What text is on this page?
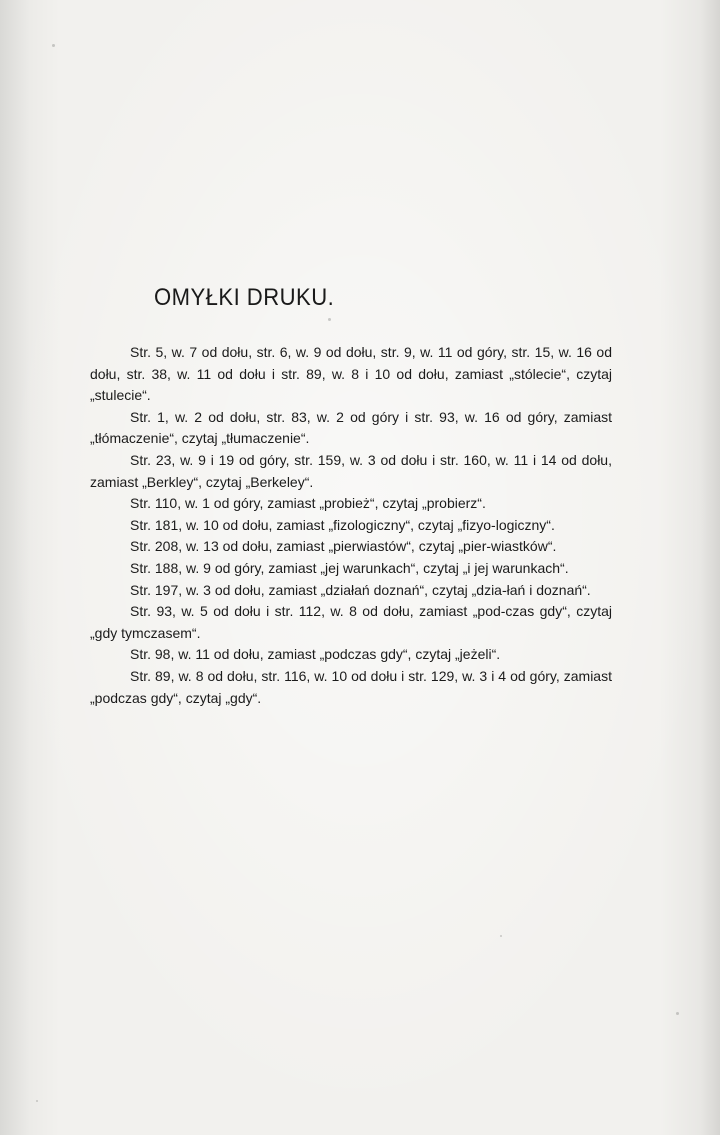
OMYŁKI DRUKU.

Str. 5, w. 7 od dołu, str. 6, w. 9 od dołu, str. 9, w. 11 od góry, str. 15, w. 16 od dołu, str. 38, w. 11 od dołu i str. 89, w. 8 i 10 od dołu, zamiast „stólecie“, czytaj „stulecie“.

Str. 1, w. 2 od dołu, str. 83, w. 2 od góry i str. 93, w. 16 od góry, zamiast „tłómaczenie“, czytaj „tłumaczenie“.

Str. 23, w. 9 i 19 od góry, str. 159, w. 3 od dołu i str. 160, w. 11 i 14 od dołu, zamiast „Berkley“, czytaj „Berkeley“.

Str. 110, w. 1 od góry, zamiast „probież“, czytaj „probierz“.

Str. 181, w. 10 od dołu, zamiast „fizologiczny“, czytaj „fizyo-logiczny“.

Str. 208, w. 13 od dołu, zamiast „pierwiastów“, czytaj „pier-wiastków“.

Str. 188, w. 9 od góry, zamiast „jej warunkach“, czytaj „i jej warunkach“.

Str. 197, w. 3 od dołu, zamiast „działań doznań“, czytaj „dzia-łań i doznań“.

Str. 93, w. 5 od dołu i str. 112, w. 8 od dołu, zamiast „pod-czas gdy“, czytaj „gdy tymczasem“.

Str. 98, w. 11 od dołu, zamiast „podczas gdy“, czytaj „jeżeli“.

Str. 89, w. 8 od dołu, str. 116, w. 10 od dołu i str. 129, w. 3 i 4 od góry, zamiast „podczas gdy“, czytaj „gdy“.
